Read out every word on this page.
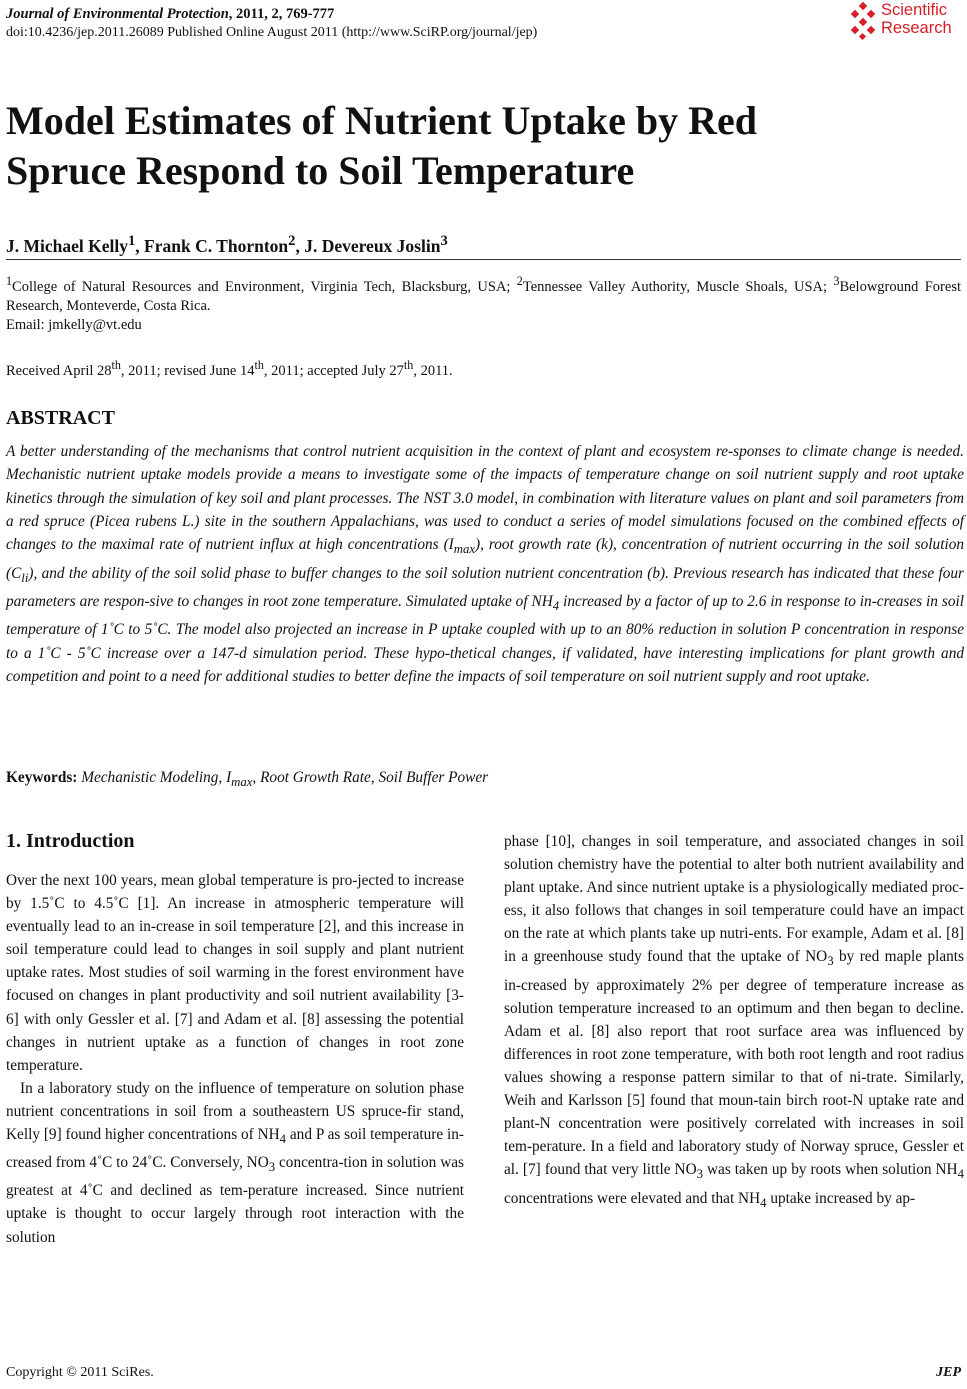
Journal of Environmental Protection, 2011, 2, 769-777
doi:10.4236/jep.2011.26089 Published Online August 2011 (http://www.SciRP.org/journal/jep)
Scientific
Research
Model Estimates of Nutrient Uptake by Red
Spruce Respond to Soil Temperature
J. Michael Kelly$^1$, Frank C. Thornton$^2$, J. Devereux Joslin$^3$
$^1$College of Natural Resources and Environment, Virginia Tech, Blacksburg, USA; $^2$Tennessee Valley Authority, Muscle Shoals, USA; $^3$Belowground Forest Research, Monteverde, Costa Rica.
Email: jmkelly@vt.edu
Received April 28th, 2011; revised June 14th, 2011; accepted July 27th, 2011.
ABSTRACT
A better understanding of the mechanisms that control nutrient acquisition in the context of plant and ecosystem re-sponses to climate change is needed. Mechanistic nutrient uptake models provide a means to investigate some of the impacts of temperature change on soil nutrient supply and root uptake kinetics through the simulation of key soil and plant processes. The NST 3.0 model, in combination with literature values on plant and soil parameters from a red spruce (Picea rubens L.) site in the southern Appalachians, was used to conduct a series of model simulations focused on the combined effects of changes to the maximal rate of nutrient influx at high concentrations $(I_{max})$, root growth rate (k), concentration of nutrient occurring in the soil solution $(C_{li})$, and the ability of the soil solid phase to buffer changes to the soil solution nutrient concentration (b). Previous research has indicated that these four parameters are respon-sive to changes in root zone temperature. Simulated uptake of $NH_4$ increased by a factor of up to 2.6 in response to in-creases in soil temperature of 1˚C to 5˚C. The model also projected an increase in P uptake coupled with up to an 80% reduction in solution P concentration in response to a 1˚C - 5˚C increase over a 147-d simulation period. These hypo-thetical changes, if validated, have interesting implications for plant growth and competition and point to a need for additional studies to better define the impacts of soil temperature on soil nutrient supply and root uptake.
Keywords: Mechanistic Modeling, $I_{max}$, Root Growth Rate, Soil Buffer Power
1. Introduction

Over the next 100 years, mean global temperature is pro-jected to increase by 1.5˚C to 4.5˚C [1]. An increase in atmospheric temperature will eventually lead to an in-crease in soil temperature [2], and this increase in soil temperature could lead to changes in soil supply and plant nutrient uptake rates. Most studies of soil warming in the forest environment have focused on changes in plant productivity and soil nutrient availability [3-6] with only Gessler et al. [7] and Adam et al. [8] assessing the potential changes in nutrient uptake as a function of changes in root zone temperature.

In a laboratory study on the influence of temperature on solution phase nutrient concentrations in soil from a southeastern US spruce-fir stand, Kelly [9] found higher concentrations of $NH_4$ and P as soil temperature in-creased from 4˚C to 24˚C. Conversely, $NO_3$ concentra-tion in solution was greatest at 4˚C and declined as tem-perature increased. Since nutrient uptake is thought to occur largely through root interaction with the solution

phase [10], changes in soil temperature, and associated changes in soil solution chemistry have the potential to alter both nutrient availability and plant uptake. And since nutrient uptake is a physiologically mediated proc-ess, it also follows that changes in soil temperature could have an impact on the rate at which plants take up nutri-ents. For example, Adam et al. [8] in a greenhouse study found that the uptake of $NO_3$ by red maple plants in-creased by approximately 2% per degree of temperature increase as solution temperature increased to an optimum and then began to decline. Adam et al. [8] also report that root surface area was influenced by differences in root zone temperature, with both root length and root radius values showing a response pattern similar to that of ni-trate. Similarly, Weih and Karlsson [5] found that moun-tain birch root-N uptake rate and plant-N concentration were positively correlated with increases in soil tem-perature. In a field and laboratory study of Norway spruce, Gessler et al. [7] found that very little $NO_3$ was taken up by roots when solution $NH_4$ concentrations were elevated and that $NH_4$ uptake increased by ap-

Copyright © 2011 SciRes.	JEP
